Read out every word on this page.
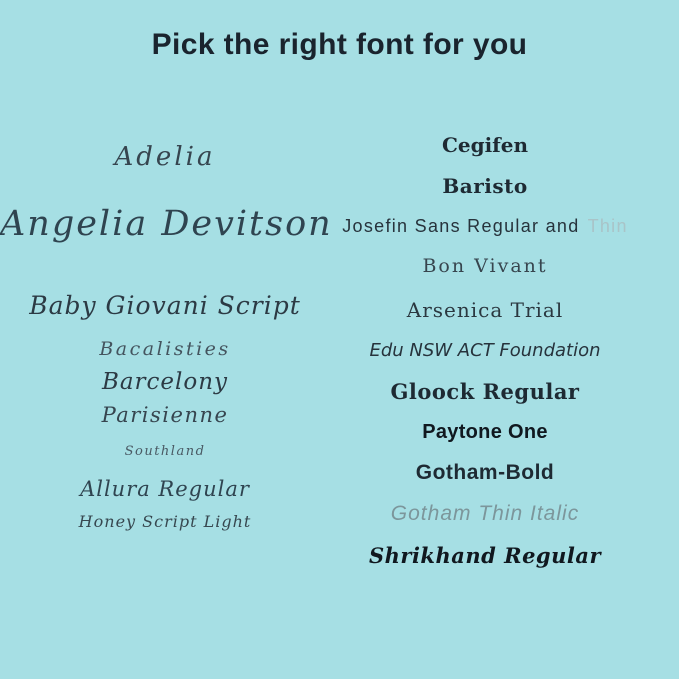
Pick the right font for you
Adelia
Angelia Devitson
Baby Giovani Script
Bacalisties
Barcelony
Parisienne
Southland
Allura Regular
Honey Script Light
Cegifen
Baristo
Josefin Sans Regular and Thin
Bon Vivant
Arsenica Trial
Edu NSW ACT Foundation
Gloock Regular
Paytone One
Gotham-Bold
Gotham Thin Italic
Shrikhand Regular
